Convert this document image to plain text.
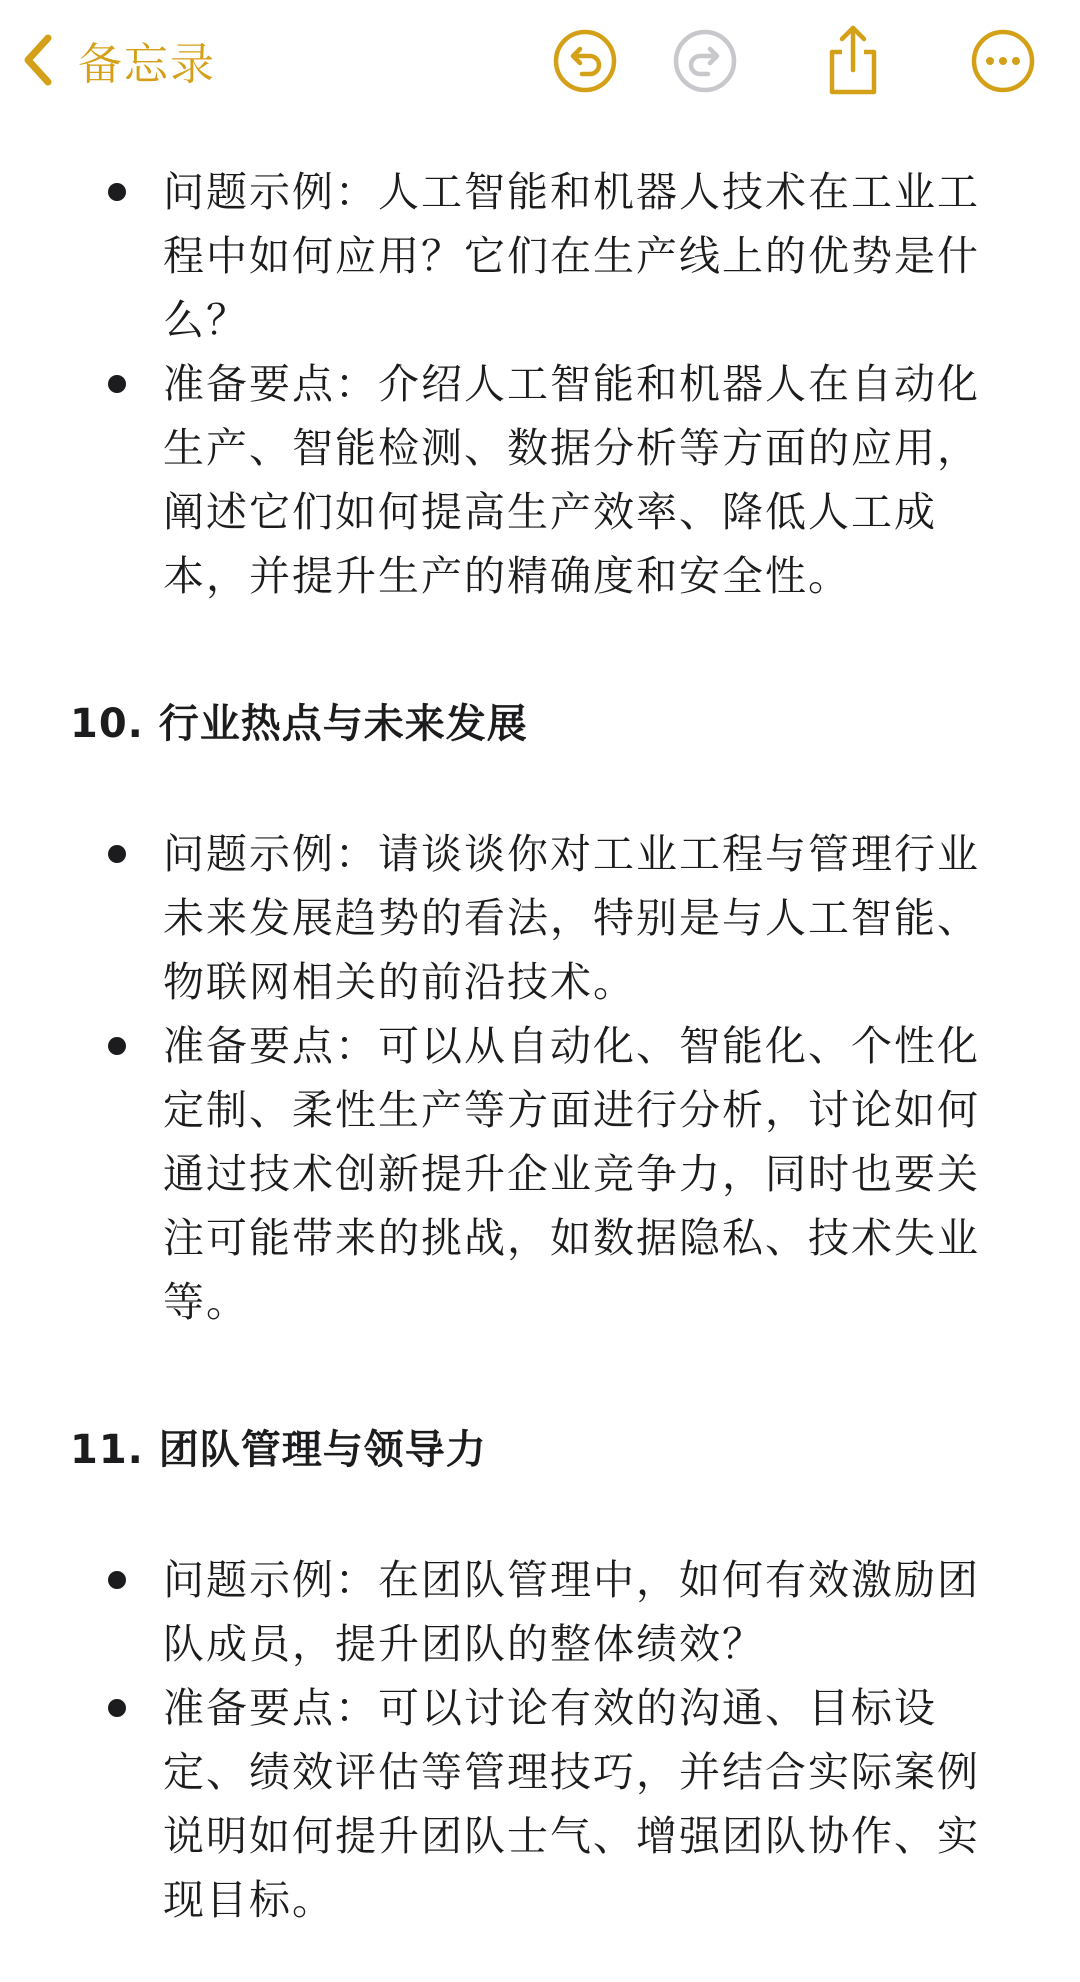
备忘录
问题示例：人工智能和机器人技术在工业工程中如何应用？它们在生产线上的优势是什么？
准备要点：介绍人工智能和机器人在自动化生产、智能检测、数据分析等方面的应用，阐述它们如何提高生产效率、降低人工成本，并提升生产的精确度和安全性。
10. 行业热点与未来发展
问题示例：请谈谈你对工业工程与管理行业未来发展趋势的看法，特别是与人工智能、物联网相关的前沿技术。
准备要点：可以从自动化、智能化、个性化定制、柔性生产等方面进行分析，讨论如何通过技术创新提升企业竞争力，同时也要关注可能带来的挑战，如数据隐私、技术失业等。
11. 团队管理与领导力
问题示例：在团队管理中，如何有效激励团队成员，提升团队的整体绩效？
准备要点：可以讨论有效的沟通、目标设定、绩效评估等管理技巧，并结合实际案例说明如何提升团队士气、增强团队协作、实现目标。
